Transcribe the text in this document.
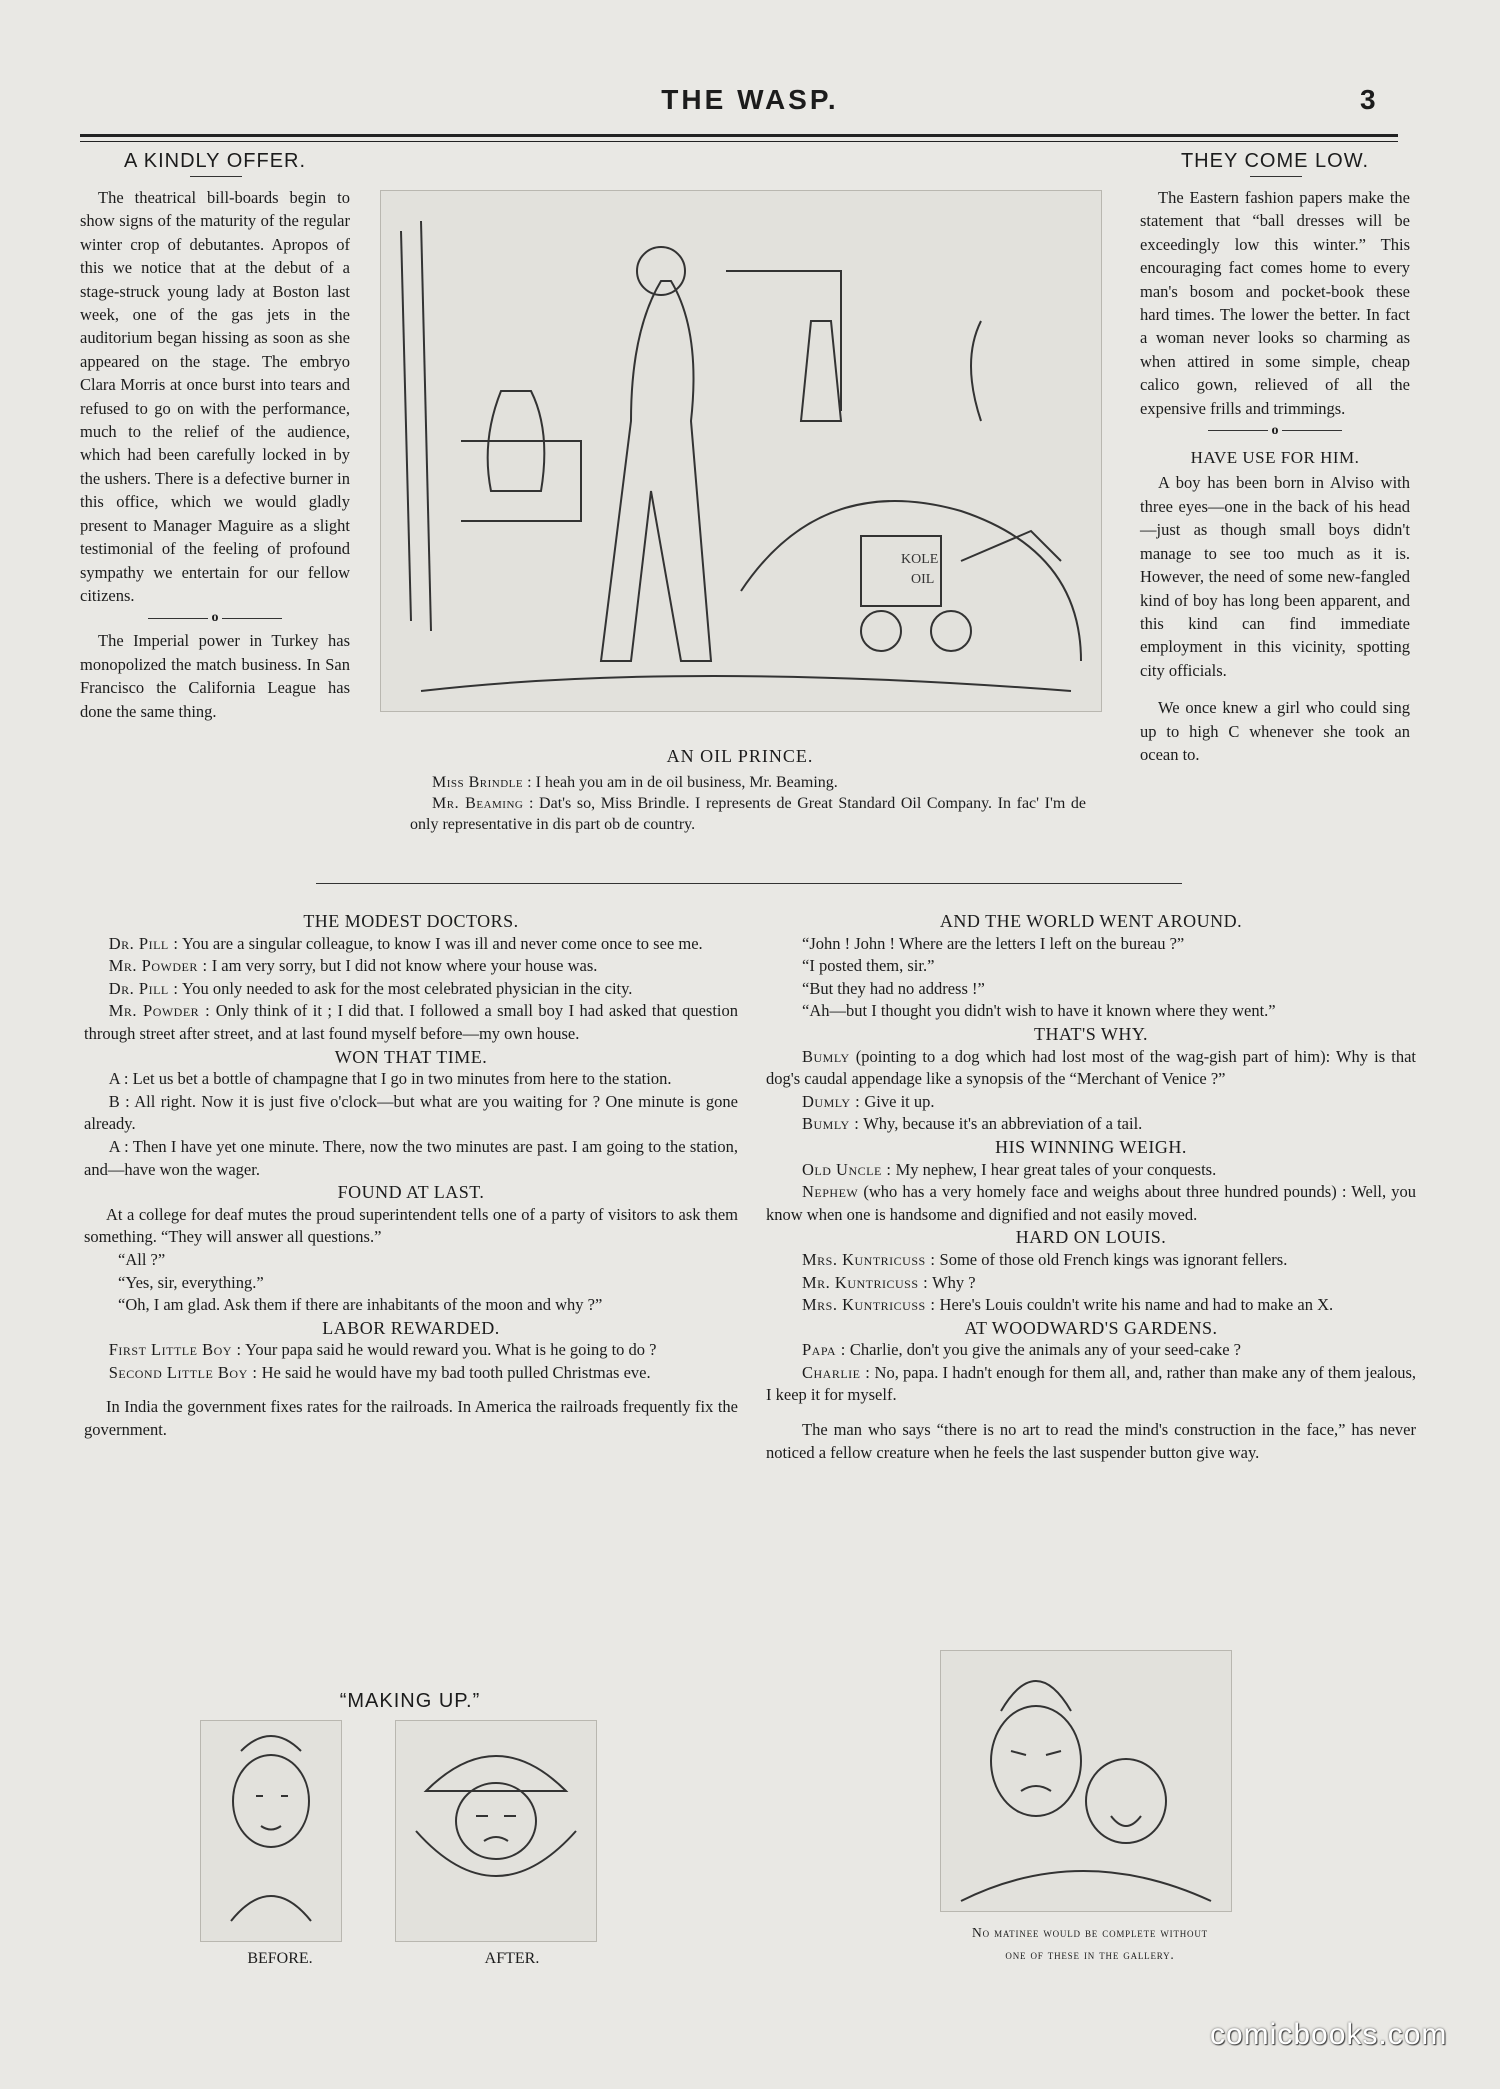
THE WASP.	3
A KINDLY OFFER.

The theatrical bill-boards begin to show signs of the maturity of the regular winter crop of debutantes. Apropos of this we notice that at the debut of a stage-struck young lady at Boston last week, one of the gas jets in the auditorium began hissing as soon as she appeared on the stage. The embryo Clara Morris at once burst into tears and refused to go on with the performance, much to the relief of the audience, which had been carefully locked in by the ushers. There is a defective burner in this office, which we would gladly present to Manager Maguire as a slight testimonial of the feeling of profound sympathy we entertain for our fellow citizens.

o

The Imperial power in Turkey has monopolized the match business. In San Francisco the California League has done the same thing.

KOLE
OIL
AN OIL PRINCE.

Miss Brindle : I heah you am in de oil business, Mr. Beaming.

Mr. Beaming : Dat's so, Miss Brindle. I represents de Great Standard Oil Company. In fac' I'm de only representative in dis part ob de country.

THEY COME LOW.

The Eastern fashion papers make the statement that “ball dresses will be exceedingly low this winter.” This encouraging fact comes home to every man's bosom and pocket-book these hard times. The lower the better. In fact a woman never looks so charming as when attired in some simple, cheap calico gown, relieved of all the expensive frills and trimmings.

o
HAVE USE FOR HIM.

A boy has been born in Alviso with three eyes—one in the back of his head—just as though small boys didn't manage to see too much as it is. However, the need of some new-fangled kind of boy has long been apparent, and this kind can find immediate employment in this vicinity, spotting city officials.

We once knew a girl who could sing up to high C whenever she took an ocean to.

THE MODEST DOCTORS.

  Dr. Pill : You are a singular colleague, to know I was ill and never come once to see me.

  Mr. Powder : I am very sorry, but I did not know where your house was.

  Dr. Pill : You only needed to ask for the most celebrated physician in the city.

  Mr. Powder : Only think of it ; I did that. I followed a small boy I had asked that question through street after street, and at last found myself before—my own house.

WON THAT TIME.

  A : Let us bet a bottle of champagne that I go in two minutes from here to the station.

  B : All right. Now it is just five o'clock—but what are you waiting for ? One minute is gone already.

  A : Then I have yet one minute. There, now the two minutes are past. I am going to the station, and—have won the wager.

FOUND AT LAST.

At a college for deaf mutes the proud superintendent tells one of a party of visitors to ask them something. “They will answer all questions.”

“All ?”

“Yes, sir, everything.”

“Oh, I am glad. Ask them if there are inhabitants of the moon and why ?”

LABOR REWARDED.

  First Little Boy : Your papa said he would reward you. What is he going to do ?

  Second Little Boy : He said he would have my bad tooth pulled Christmas eve.

In India the government fixes rates for the railroads. In America the railroads frequently fix the government.

“MAKING UP.”
BEFORE.	AFTER.
AND THE WORLD WENT AROUND.

“John ! John ! Where are the letters I left on the bureau ?”

“I posted them, sir.”

“But they had no address !”

“Ah—but I thought you didn't wish to have it known where they went.”

THAT'S WHY.

Bumly (pointing to a dog which had lost most of the wag-gish part of him): Why is that dog's caudal appendage like a synopsis of the “Merchant of Venice ?”

Dumly : Give it up.

Bumly : Why, because it's an abbreviation of a tail.

HIS WINNING WEIGH.

Old Uncle : My nephew, I hear great tales of your conquests.

Nephew (who has a very homely face and weighs about three hundred pounds) : Well, you know when one is handsome and dignified and not easily moved.

HARD ON LOUIS.

Mrs. Kuntricuss : Some of those old French kings was ignorant fellers.

Mr. Kuntricuss : Why ?

Mrs. Kuntricuss : Here's Louis couldn't write his name and had to make an X.

AT WOODWARD'S GARDENS.

Papa : Charlie, don't you give the animals any of your seed-cake ?

Charlie : No, papa. I hadn't enough for them all, and, rather than make any of them jealous, I keep it for myself.

The man who says “there is no art to read the mind's construction in the face,” has never noticed a fellow creature when he feels the last suspender button give way.

No matinee would be complete without
one of these in the gallery.
comicbooks.com
